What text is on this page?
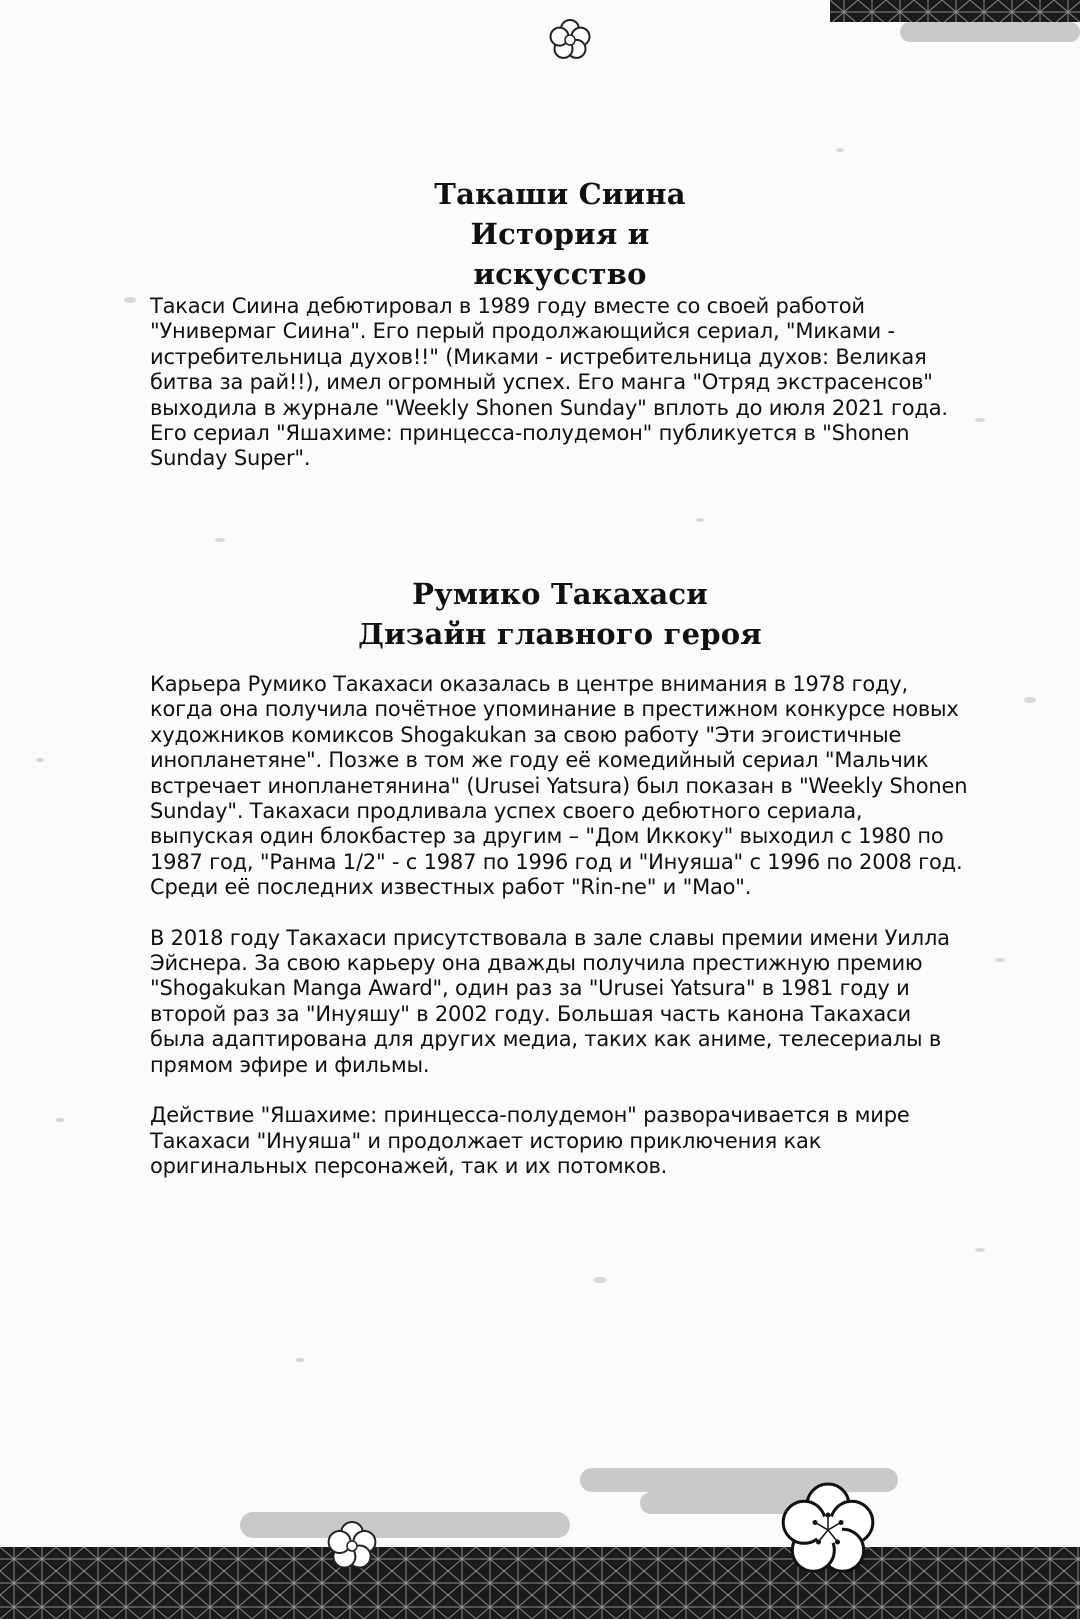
Такаши Сиина
История и
искусство

Такаси Сиина дебютировал в 1989 году вместе со своей работой "Универмаг Сиина". Его перый продолжающийся сериал, "Миками - истребительница духов!!" (Миками - истребительница духов: Великая битва за рай!!), имел огромный успех. Его манга "Отряд экстрасенсов" выходила в журнале "Weekly Shonen Sunday" вплоть до июля 2021 года. Его сериал "Яшахиме: принцесса-полудемон" публикуется в "Shonen Sunday Super".

Румико Такахаси
Дизайн главного героя

Карьера Румико Такахаси оказалась в центре внимания в 1978 году, когда она получила почётное упоминание в престижном конкурсе новых художников комиксов Shogakukan за свою работу "Эти эгоистичные инопланетяне". Позже в том же году её комедийный сериал "Мальчик встречает инопланетянина" (Urusei Yatsura) был показан в "Weekly Shonen Sunday". Такахаси продливала успех своего дебютного сериала, выпуская один блокбастер за другим – "Дом Иккоку" выходил с 1980 по 1987 год, "Ранма 1/2" - с 1987 по 1996 год и "Инуяша" с 1996 по 2008 год. Среди её последних известных работ "Rin-ne" и "Mao".

В 2018 году Такахаси присутствовала в зале славы премии имени Уилла Эйснера. За свою карьеру она дважды получила престижную премию "Shogakukan Manga Award", один раз за "Urusei Yatsura" в 1981 году и второй раз за "Инуяшу" в 2002 году. Большая часть канона Такахаси была адаптирована для других медиа, таких как аниме, телесериалы в прямом эфире и фильмы.

Действие "Яшахиме: принцесса-полудемон" разворачивается в мире Такахаси "Инуяша" и продолжает историю приключения как оригинальных персонажей, так и их потомков.
